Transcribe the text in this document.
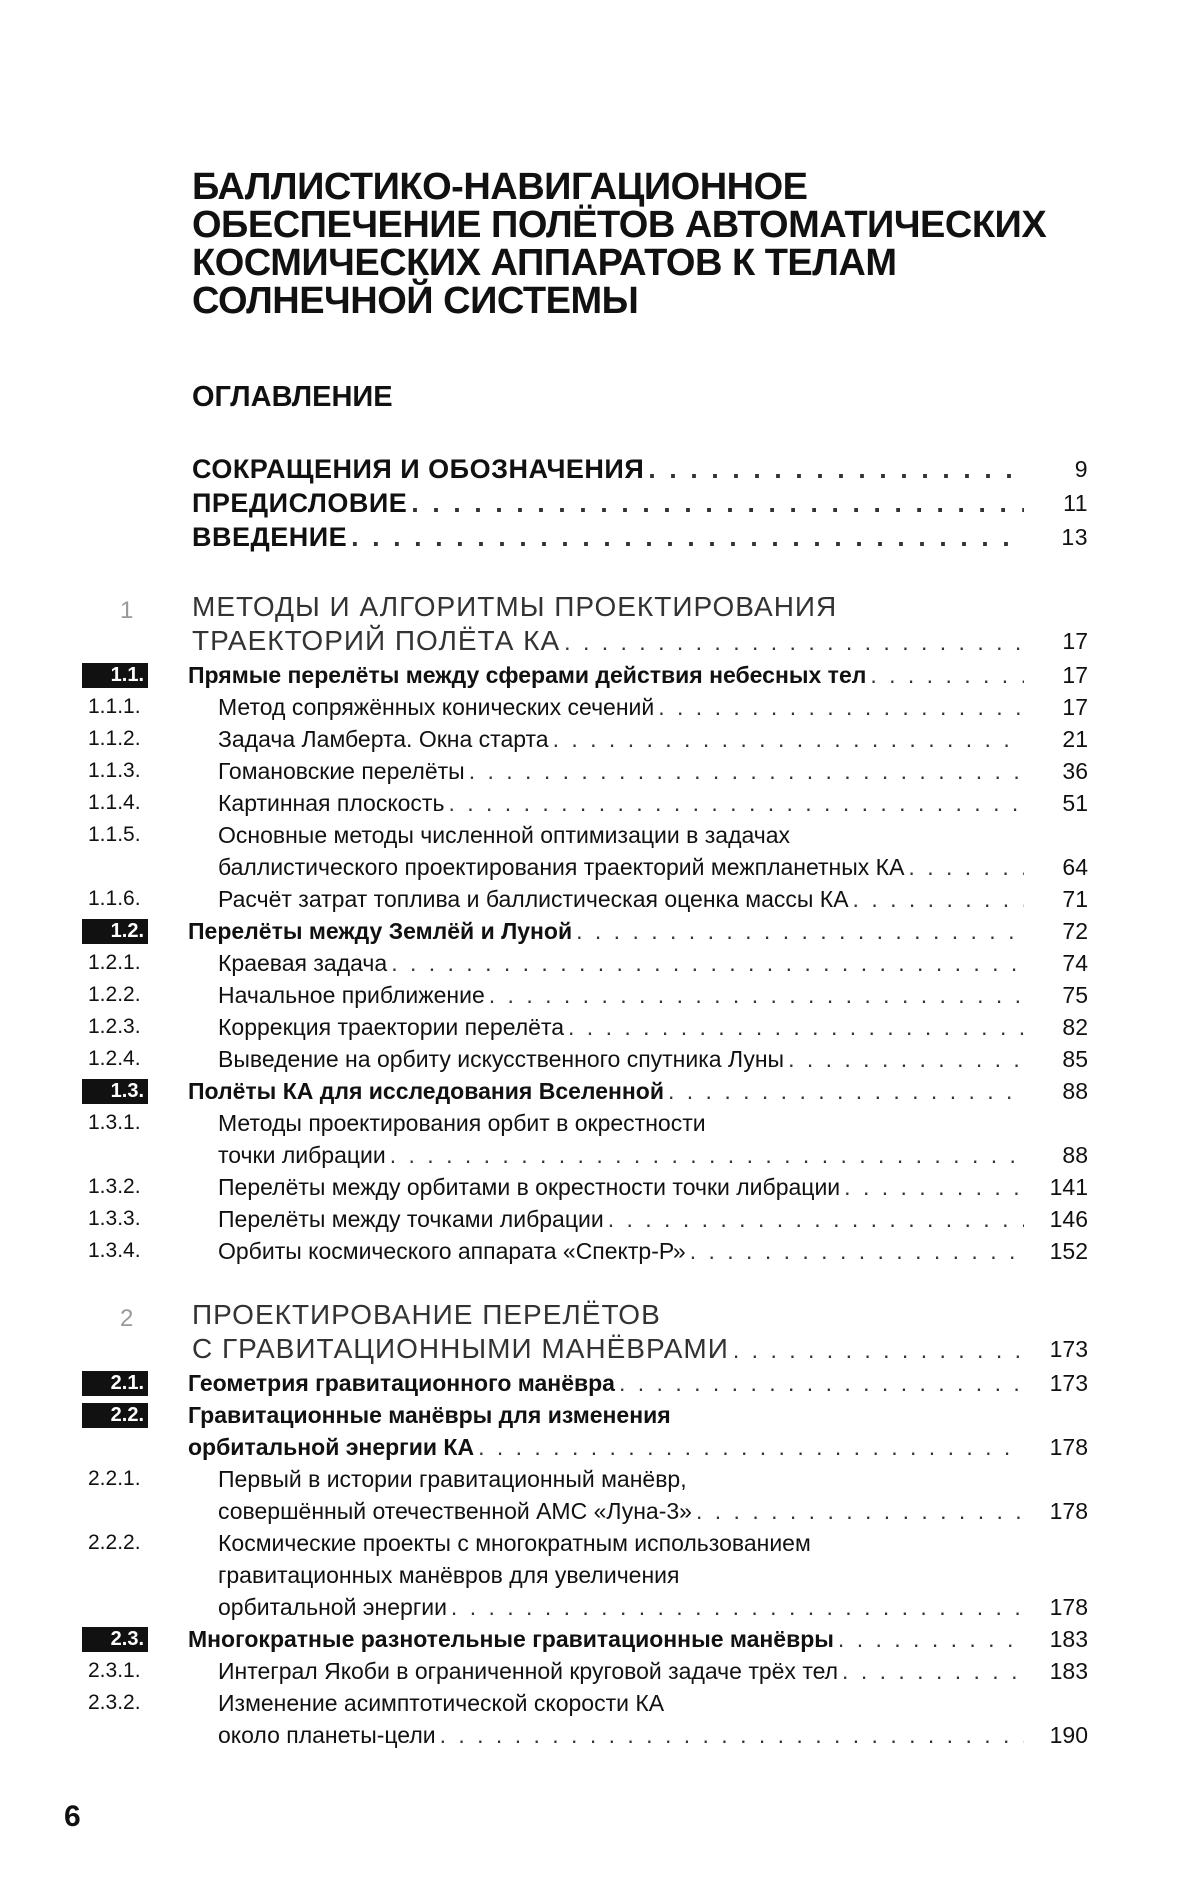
БАЛЛИСТИКО-НАВИГАЦИОННОЕ
ОБЕСПЕЧЕНИЕ ПОЛЁТОВ АВТОМАТИЧЕСКИХ
КОСМИЧЕСКИХ АППАРАТОВ К ТЕЛАМ
СОЛНЕЧНОЙ СИСТЕМЫ
ОГЛАВЛЕНИЕ
СОКРАЩЕНИЯ И ОБОЗНАЧЕНИЯ . . .	9
ПРЕДИСЛОВИЕ . . .	11
ВВЕДЕНИЕ . . .	13
1 МЕТОДЫ И АЛГОРИТМЫ ПРОЕКТИРОВАНИЯ
ТРАЕКТОРИЙ ПОЛЁТА КА . . .	17
1.1. Прямые перелёты между сферами действия небесных тел . . .	17
1.1.1.	Метод сопряжённых конических сечений . . .	17
1.1.2.	Задача Ламберта. Окна старта . . .	21
1.1.3.	Гомановские перелёты . . .	36
1.1.4.	Картинная плоскость . . .	51
1.1.5.	Основные методы численной оптимизации в задачах
баллистического проектирования траекторий межпланетных КА . . .	64
1.1.6.	Расчёт затрат топлива и баллистическая оценка массы КА . . .	71
1.2. Перелёты между Землёй и Луной . . .	72
1.2.1.	Краевая задача . . .	74
1.2.2.	Начальное приближение . . .	75
1.2.3.	Коррекция траектории перелёта . . .	82
1.2.4.	Выведение на орбиту искусственного спутника Луны . . .	85
1.3. Полёты КА для исследования Вселенной . . .	88
1.3.1.	Методы проектирования орбит в окрестности
точки либрации . . .	88
1.3.2.	Перелёты между орбитами в окрестности точки либрации . . .	141
1.3.3.	Перелёты между точками либрации . . .	146
1.3.4.	Орбиты космического аппарата «Спектр-Р» . . .	152
2 ПРОЕКТИРОВАНИЕ ПЕРЕЛЁТОВ
С ГРАВИТАЦИОННЫМИ МАНЁВРАМИ . . .	173
2.1. Геометрия гравитационного манёвра . . .	173
2.2. Гравитационные манёвры для изменения
орбитальной энергии КА . . .	178
2.2.1.	Первый в истории гравитационный манёвр,
совершённый отечественной АМС «Луна-3» . . .	178
2.2.2.	Космические проекты с многократным использованием
гравитационных манёвров для увеличения
орбитальной энергии . . .	178
2.3. Многократные разнотельные гравитационные манёвры . . .	183
2.3.1.	Интеграл Якоби в ограниченной круговой задаче трёх тел . . .	183
2.3.2.	Изменение асимптотической скорости КА
около планеты-цели . . .	190
6
